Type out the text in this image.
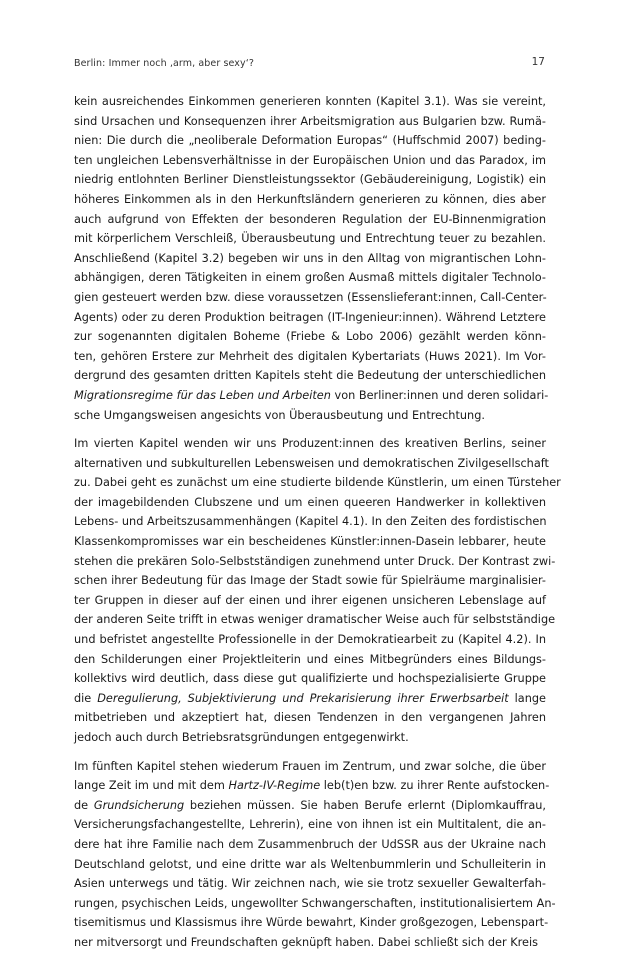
Berlin: Immer noch ‚arm, aber sexy‘?	17

kein ausreichendes Einkommen generieren konnten (Kapitel 3.1). Was sie vereint,
sind Ursachen und Konsequenzen ihrer Arbeitsmigration aus Bulgarien bzw. Rumä-
nien: Die durch die „neoliberale Deformation Europas“ (Huffschmid 2007) beding-
ten ungleichen Lebensverhältnisse in der Europäischen Union und das Paradox, im
niedrig entlohnten Berliner Dienstleistungssektor (Gebäudereinigung, Logistik) ein
höheres Einkommen als in den Herkunftsländern generieren zu können, dies aber
auch aufgrund von Effekten der besonderen Regulation der EU-Binnenmigration
mit körperlichem Verschleiß, Überausbeutung und Entrechtung teuer zu bezahlen.
Anschließend (Kapitel 3.2) begeben wir uns in den Alltag von migrantischen Lohn-
abhängigen, deren Tätigkeiten in einem großen Ausmaß mittels digitaler Technolo-
gien gesteuert werden bzw. diese voraussetzen (Essenslieferant:innen, Call-Center-
Agents) oder zu deren Produktion beitragen (IT-Ingenieur:innen). Während Letztere
zur sogenannten digitalen Boheme (Friebe & Lobo 2006) gezählt werden könn-
ten, gehören Erstere zur Mehrheit des digitalen Kybertariats (Huws 2021). Im Vor-
dergrund des gesamten dritten Kapitels steht die Bedeutung der unterschiedlichen
Migrationsregime für das Leben und Arbeiten von Berliner:innen und deren solidari-
sche Umgangsweisen angesichts von Überausbeutung und Entrechtung.

Im vierten Kapitel wenden wir uns Produzent:innen des kreativen Berlins, seiner
alternativen und subkulturellen Lebensweisen und demokratischen Zivilgesellschaft
zu. Dabei geht es zunächst um eine studierte bildende Künstlerin, um einen Türsteher
der imagebildenden Clubszene und um einen queeren Handwerker in kollektiven
Lebens- und Arbeitszusammenhängen (Kapitel 4.1). In den Zeiten des fordistischen
Klassenkompromisses war ein bescheidenes Künstler:innen-Dasein lebbarer, heute
stehen die prekären Solo-Selbstständigen zunehmend unter Druck. Der Kontrast zwi-
schen ihrer Bedeutung für das Image der Stadt sowie für Spielräume marginalisier-
ter Gruppen in dieser auf der einen und ihrer eigenen unsicheren Lebenslage auf
der anderen Seite trifft in etwas weniger dramatischer Weise auch für selbstständige
und befristet angestellte Professionelle in der Demokratiearbeit zu (Kapitel 4.2). In
den Schilderungen einer Projektleiterin und eines Mitbegründers eines Bildungs-
kollektivs wird deutlich, dass diese gut qualifizierte und hochspezialisierte Gruppe
die Deregulierung, Subjektivierung und Prekarisierung ihrer Erwerbsarbeit lange
mitbetrieben und akzeptiert hat, diesen Tendenzen in den vergangenen Jahren
jedoch auch durch Betriebsratsgründungen entgegenwirkt.

Im fünften Kapitel stehen wiederum Frauen im Zentrum, und zwar solche, die über
lange Zeit im und mit dem Hartz-IV-Regime leb(t)en bzw. zu ihrer Rente aufstocken-
de Grundsicherung beziehen müssen. Sie haben Berufe erlernt (Diplomkauffrau,
Versicherungsfachangestellte, Lehrerin), eine von ihnen ist ein Multitalent, die an-
dere hat ihre Familie nach dem Zusammenbruch der UdSSR aus der Ukraine nach
Deutschland gelotst, und eine dritte war als Weltenbummlerin und Schulleiterin in
Asien unterwegs und tätig. Wir zeichnen nach, wie sie trotz sexueller Gewalterfah-
rungen, psychischen Leids, ungewollter Schwangerschaften, institutionalisiertem An-
tisemitismus und Klassismus ihre Würde bewahrt, Kinder großgezogen, Lebenspart-
ner mitversorgt und Freundschaften geknüpft haben. Dabei schließt sich der Kreis
